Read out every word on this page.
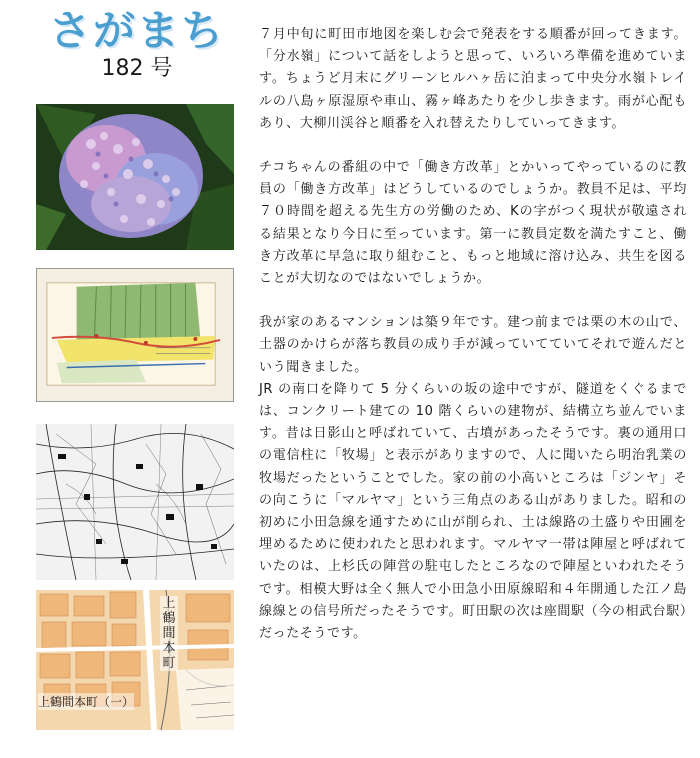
さがまち
182 号
上鶴間本町
上鶴間本町（一）

７月中旬に町田市地図を楽しむ会で発表をする順番が回ってきます。「分水嶺」について話をしようと思って、いろいろ準備を進めています。ちょうど月末にグリーンヒルハヶ岳に泊まって中央分水嶺トレイルの八島ヶ原湿原や車山、霧ヶ峰あたりを少し歩きます。雨が心配もあり、大柳川渓谷と順番を入れ替えたりしていってきます。

チコちゃんの番組の中で「働き方改革」とかいってやっているのに教員の「働き方改革」はどうしているのでしょうか。教員不足は、平均７０時間を超える先生方の労働のため、Kの字がつく現状が敬遠される結果となり今日に至っています。第一に教員定数を満たすこと、働き方改革に早急に取り組むこと、もっと地域に溶け込み、共生を図ることが大切なのではないでしょうか。

我が家のあるマンションは築９年です。建つ前までは栗の木の山で、土器のかけらが落ち教員の成り手が減っていてていてそれで遊んだという聞きました。

JR の南口を降りて 5 分くらいの坂の途中ですが、隧道をくぐるまでは、コンクリート建ての 10 階くらいの建物が、結構立ち並んでいます。昔は日影山と呼ばれていて、古墳があったそうです。裏の通用口の電信柱に「牧場」と表示がありますので、人に聞いたら明治乳業の牧場だったということでした。家の前の小高いところは「ジンヤ」その向こうに「マルヤマ」という三角点のある山がありました。昭和の初めに小田急線を通すために山が削られ、土は線路の土盛りや田圃を埋めるために使われたと思われます。マルヤマ一帯は陣屋と呼ばれていたのは、上杉氏の陣営の駐屯したところなので陣屋といわれたそうです。相模大野は全く無人で小田急小田原線昭和４年開通した江ノ島線線との信号所だったそうです。町田駅の次は座間駅（今の相武台駅）だったそうです。
